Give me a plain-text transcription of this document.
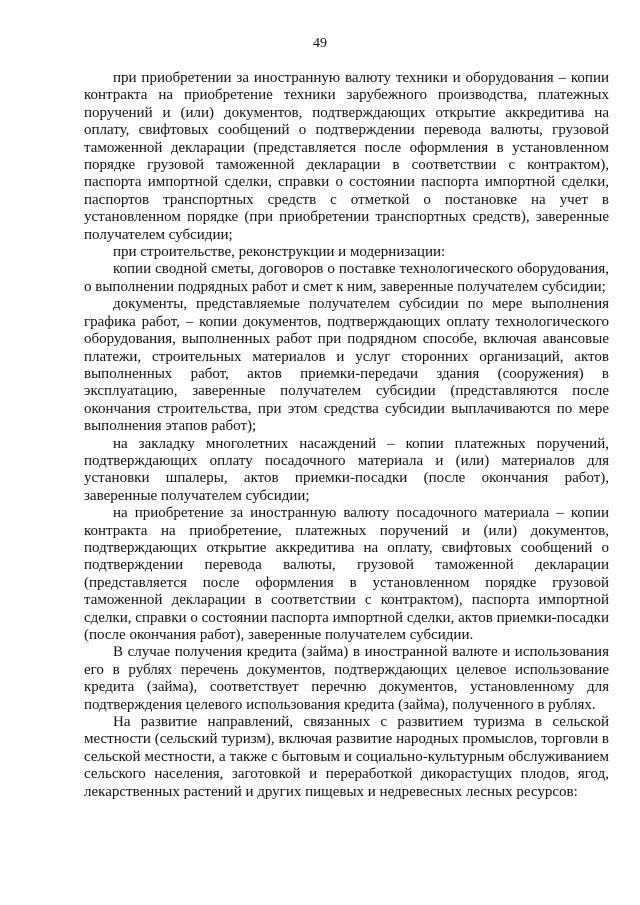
49

при приобретении за иностранную валюту техники и оборудования – копии контракта на приобретение техники зарубежного производства, платежных поручений и (или) документов, подтверждающих открытие аккредитива на оплату, свифтовых сообщений о подтверждении перевода валюты, грузовой таможенной декларации (представляется после оформления в установленном порядке грузовой таможенной декларации в соответствии с контрактом), паспорта импортной сделки, справки о состоянии паспорта импортной сделки, паспортов транспортных средств с отметкой о постановке на учет в установленном порядке (при приобретении транспортных средств), заверенные получателем субсидии;

при строительстве, реконструкции и модернизации:

копии сводной сметы, договоров о поставке технологического оборудования, о выполнении подрядных работ и смет к ним, заверенные получателем субсидии;

документы, представляемые получателем субсидии по мере выполнения графика работ, – копии документов, подтверждающих оплату технологического оборудования, выполненных работ при подрядном способе, включая авансовые платежи, строительных материалов и услуг сторонних организаций, актов выполненных работ, актов приемки-передачи здания (сооружения) в эксплуатацию, заверенные получателем субсидии (представляются после окончания строительства, при этом средства субсидии выплачиваются по мере выполнения этапов работ);

на закладку многолетних насаждений – копии платежных поручений, подтверждающих оплату посадочного материала и (или) материалов для установки шпалеры, актов приемки-посадки (после окончания работ), заверенные получателем субсидии;

на приобретение за иностранную валюту посадочного материала – копии контракта на приобретение, платежных поручений и (или) документов, подтверждающих открытие аккредитива на оплату, свифтовых сообщений о подтверждении перевода валюты, грузовой таможенной декларации (представляется после оформления в установленном порядке грузовой таможенной декларации в соответствии с контрактом), паспорта импортной сделки, справки о состоянии паспорта импортной сделки, актов приемки-посадки (после окончания работ), заверенные получателем субсидии.

В случае получения кредита (займа) в иностранной валюте и использования его в рублях перечень документов, подтверждающих целевое использование кредита (займа), соответствует перечню документов, установленному для подтверждения целевого использования кредита (займа), полученного в рублях.

На развитие направлений, связанных с развитием туризма в сельской местности (сельский туризм), включая развитие народных промыслов, торговли в сельской местности, а также с бытовым и социально-культурным обслуживанием сельского населения, заготовкой и переработкой дикорастущих плодов, ягод, лекарственных растений и других пищевых и недревесных лесных ресурсов:
